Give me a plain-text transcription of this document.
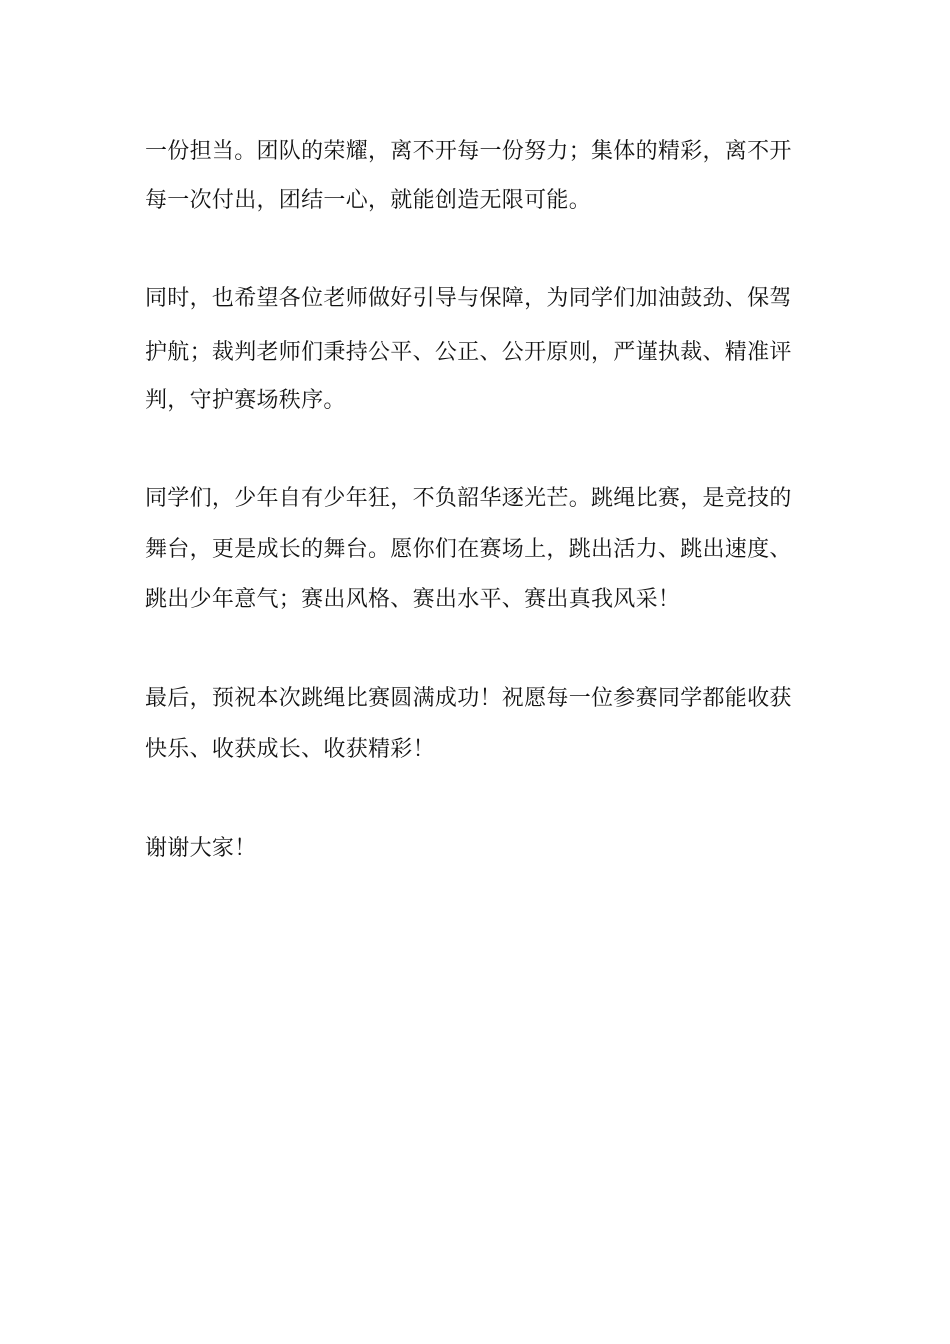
一份担当。团队的荣耀，离不开每一份努力；集体的精彩，离不开
每一次付出，团结一心，就能创造无限可能。
同时，也希望各位老师做好引导与保障，为同学们加油鼓劲、保驾
护航；裁判老师们秉持公平、公正、公开原则，严谨执裁、精准评
判，守护赛场秩序。
同学们，少年自有少年狂，不负韶华逐光芒。跳绳比赛，是竞技的
舞台，更是成长的舞台。愿你们在赛场上，跳出活力、跳出速度、
跳出少年意气；赛出风格、赛出水平、赛出真我风采！
最后，预祝本次跳绳比赛圆满成功！祝愿每一位参赛同学都能收获
快乐、收获成长、收获精彩！
谢谢大家！
